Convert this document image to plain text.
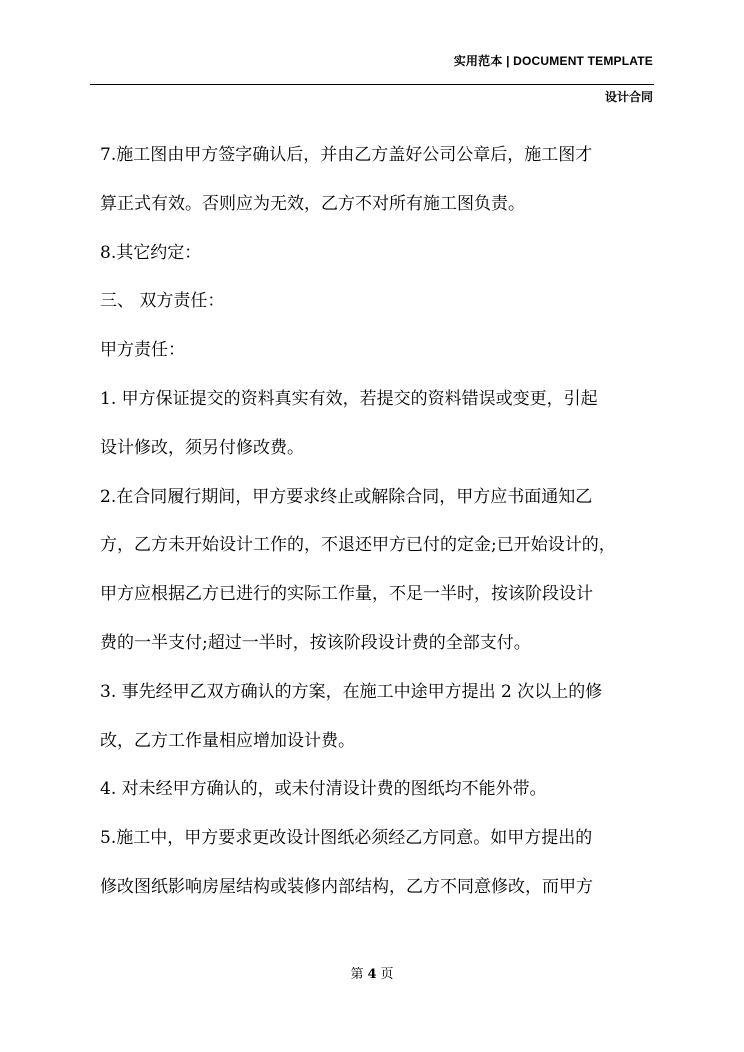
实用范本 | DOCUMENT TEMPLATE
设计合同
7.施工图由甲方签字确认后，并由乙方盖好公司公章后，施工图才
算正式有效。否则应为无效，乙方不对所有施工图负责。
8.其它约定：
三、 双方责任：
甲方责任：
1. 甲方保证提交的资料真实有效，若提交的资料错误或变更，引起
设计修改，须另付修改费。
2.在合同履行期间，甲方要求终止或解除合同，甲方应书面通知乙
方，乙方未开始设计工作的，不退还甲方已付的定金;已开始设计的，
甲方应根据乙方已进行的实际工作量，不足一半时，按该阶段设计
费的一半支付;超过一半时，按该阶段设计费的全部支付。
3. 事先经甲乙双方确认的方案，在施工中途甲方提出 2 次以上的修
改，乙方工作量相应增加设计费。
4. 对未经甲方确认的，或未付清设计费的图纸均不能外带。
5.施工中，甲方要求更改设计图纸必须经乙方同意。如甲方提出的
修改图纸影响房屋结构或装修内部结构，乙方不同意修改，而甲方
第 4 页
